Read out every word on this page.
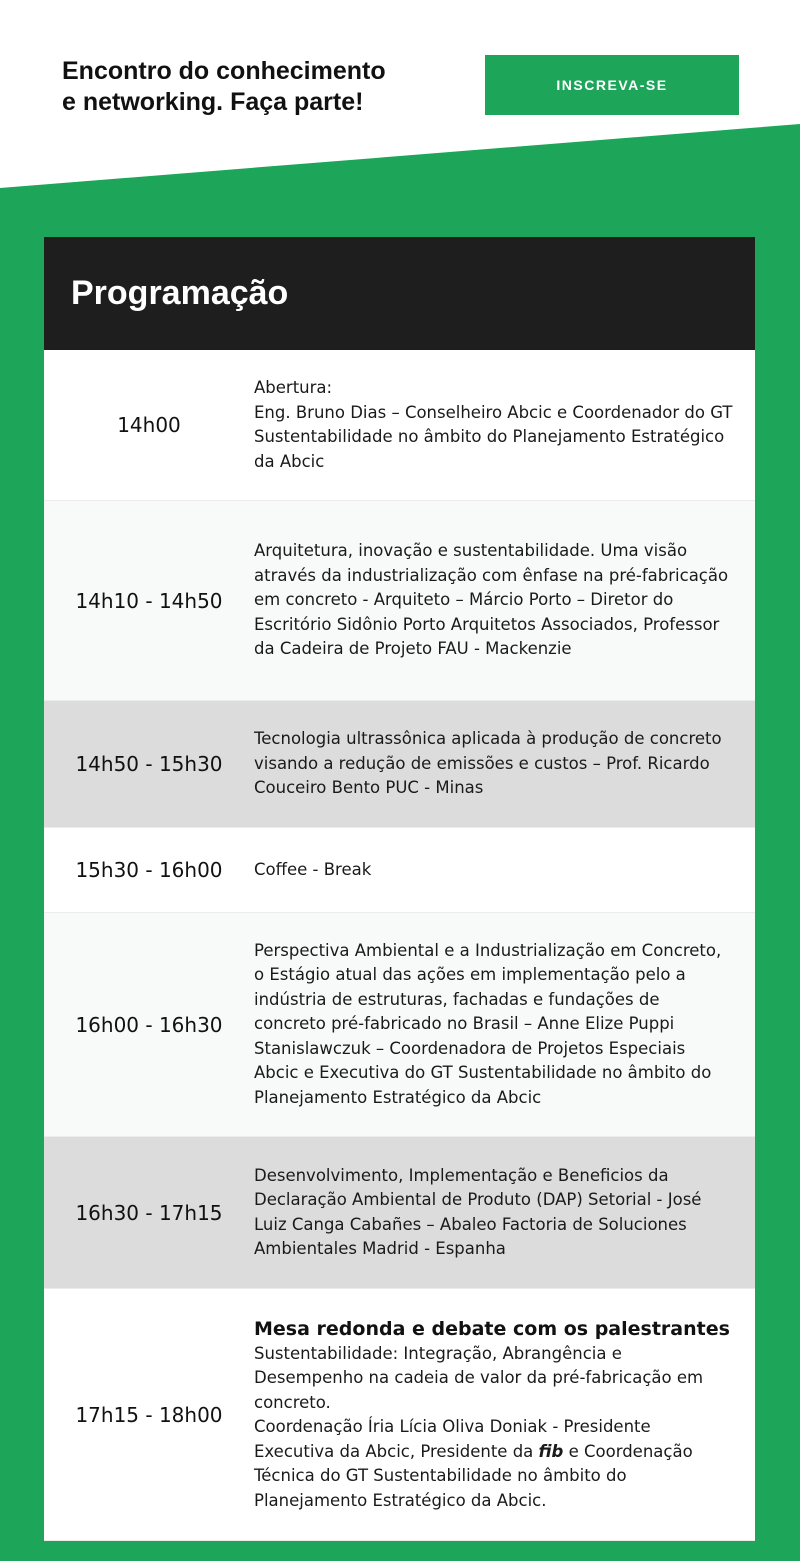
Encontro do conhecimento
e networking. Faça parte!
INSCREVA-SE
Programação
14h00
Abertura:
Eng. Bruno Dias – Conselheiro Abcic e Coordenador do GT Sustentabilidade no âmbito do Planejamento Estratégico da Abcic
14h10 - 14h50
Arquitetura, inovação e sustentabilidade. Uma visão através da industrialização com ênfase na pré-fabricação em concreto - Arquiteto – Márcio Porto – Diretor do Escritório Sidônio Porto Arquitetos Associados, Professor da Cadeira de Projeto FAU - Mackenzie
14h50 - 15h30
Tecnologia ultrassônica aplicada à produção de concreto visando a redução de emissões e custos – Prof. Ricardo Couceiro Bento PUC - Minas
15h30 - 16h00	Coffee - Break
16h00 - 16h30
Perspectiva Ambiental e a Industrialização em Concreto, o Estágio atual das ações em implementação pelo a indústria de estruturas, fachadas e fundações de concreto pré-fabricado no Brasil – Anne Elize Puppi Stanislawczuk – Coordenadora de Projetos Especiais Abcic e Executiva do GT Sustentabilidade no âmbito do Planejamento Estratégico da Abcic
16h30 - 17h15
Desenvolvimento, Implementação e Beneficios da Declaração Ambiental de Produto (DAP) Setorial - José Luiz Canga Cabañes – Abaleo Factoria de Soluciones Ambientales Madrid - Espanha
17h15 - 18h00
Mesa redonda e debate com os palestrantes
Sustentabilidade: Integração, Abrangência e Desempenho na cadeia de valor da pré-fabricação em concreto.
Coordenação Íria Lícia Oliva Doniak - Presidente Executiva da Abcic, Presidente da fib e Coordenação Técnica do GT Sustentabilidade no âmbito do Planejamento Estratégico da Abcic.
